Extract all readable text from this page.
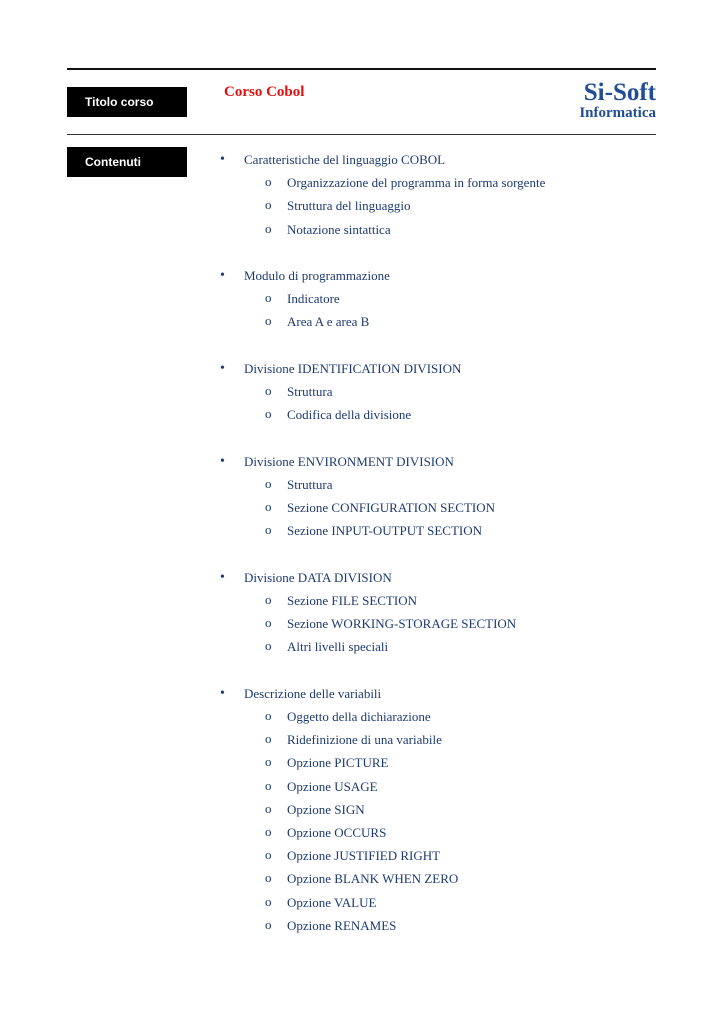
Titolo corso
Corso Cobol	Si-Soft
Informatica
Contenuti	• Caratteristiche del linguaggio COBOL
o Organizzazione del programma in forma sorgente
o Struttura del linguaggio
o Notazione sintattica
• Modulo di programmazione
o Indicatore
o Area A e area B
• Divisione IDENTIFICATION DIVISION
o Struttura
o Codifica della divisione
• Divisione ENVIRONMENT DIVISION
o Struttura
o Sezione CONFIGURATION SECTION
o Sezione INPUT-OUTPUT SECTION
• Divisione DATA DIVISION
o Sezione FILE SECTION
o Sezione WORKING-STORAGE SECTION
o Altri livelli speciali
• Descrizione delle variabili
o Oggetto della dichiarazione
o Ridefinizione di una variabile
o Opzione PICTURE
o Opzione USAGE
o Opzione SIGN
o Opzione OCCURS
o Opzione JUSTIFIED RIGHT
o Opzione BLANK WHEN ZERO
o Opzione VALUE
o Opzione RENAMES
